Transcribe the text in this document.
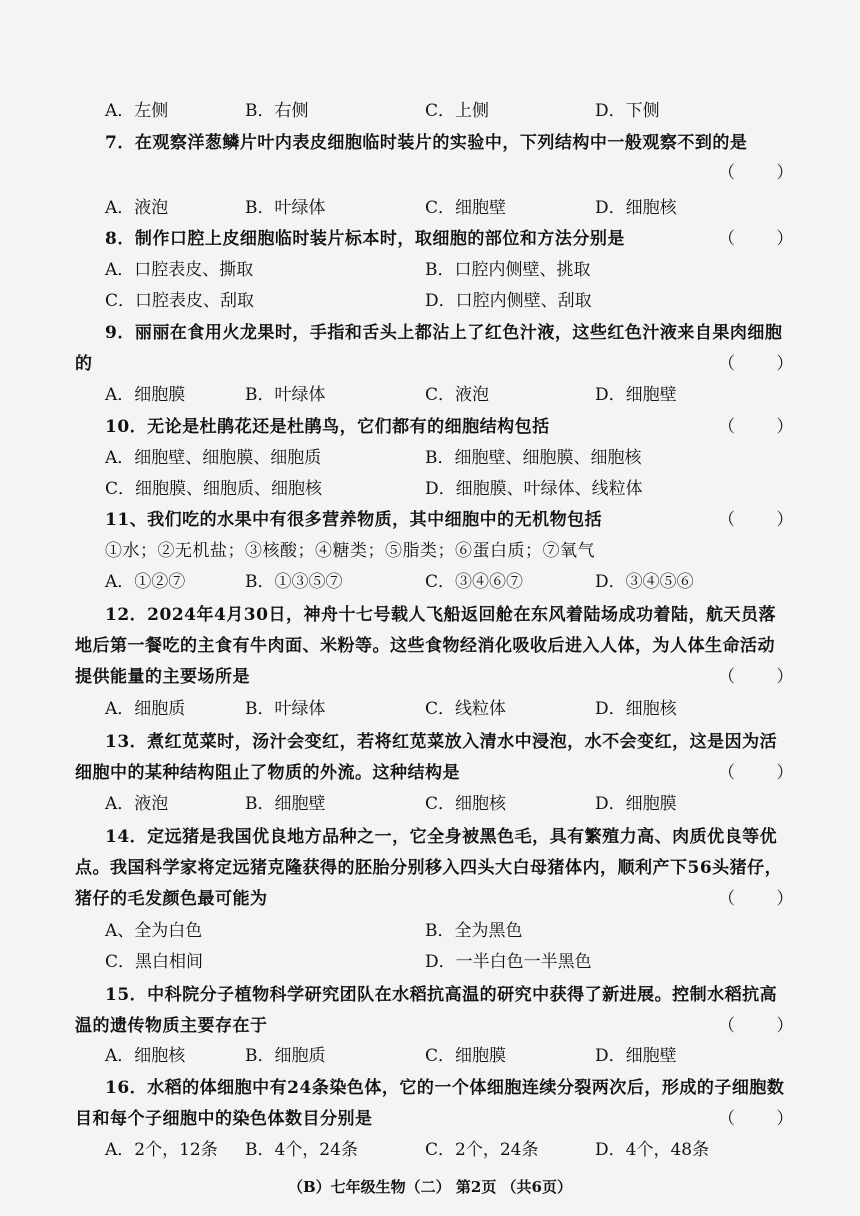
A．左侧	B．右侧	C．上侧	D．下侧
7．在观察洋葱鳞片叶内表皮细胞临时装片的实验中，下列结构中一般观察不到的是
（ ）
A．液泡	B．叶绿体	C．细胞壁	D．细胞核
8．制作口腔上皮细胞临时装片标本时，取细胞的部位和方法分别是	（ ）
A．口腔表皮、撕取	B．口腔内侧壁、挑取
C．口腔表皮、刮取	D．口腔内侧壁、刮取
9．丽丽在食用火龙果时，手指和舌头上都沾上了红色汁液，这些红色汁液来自果肉细胞
的	（ ）
A．细胞膜	B．叶绿体	C．液泡	D．细胞壁
10．无论是杜鹃花还是杜鹃鸟，它们都有的细胞结构包括	（ ）
A．细胞壁、细胞膜、细胞质	B．细胞壁、细胞膜、细胞核
C．细胞膜、细胞质、细胞核	D．细胞膜、叶绿体、线粒体
11、我们吃的水果中有很多营养物质，其中细胞中的无机物包括	（ ）
①水；②无机盐；③核酸；④糖类；⑤脂类；⑥蛋白质；⑦氧气
A．①②⑦	B．①③⑤⑦	C．③④⑥⑦	D．③④⑤⑥
12．2024年4月30日，神舟十七号载人飞船返回舱在东风着陆场成功着陆，航天员落
地后第一餐吃的主食有牛肉面、米粉等。这些食物经消化吸收后进入人体，为人体生命活动
提供能量的主要场所是	（ ）
A．细胞质	B．叶绿体	C．线粒体	D．细胞核
13．煮红苋菜时，汤汁会变红，若将红苋菜放入清水中浸泡，水不会变红，这是因为活
细胞中的某种结构阻止了物质的外流。这种结构是	（ ）
A．液泡	B．细胞壁	C．细胞核	D．细胞膜
14．定远猪是我国优良地方品种之一，它全身被黑色毛，具有繁殖力高、肉质优良等优
点。我国科学家将定远猪克隆获得的胚胎分别移入四头大白母猪体内，顺利产下56头猪仔，
猪仔的毛发颜色最可能为	（ ）
A、全为白色	B．全为黑色
C．黑白相间	D．一半白色一半黑色
15．中科院分子植物科学研究团队在水稻抗高温的研究中获得了新进展。控制水稻抗高
温的遗传物质主要存在于	（ ）
A．细胞核	B．细胞质	C．细胞膜	D．细胞壁
16．水稻的体细胞中有24条染色体，它的一个体细胞连续分裂两次后，形成的子细胞数
目和每个子细胞中的染色体数目分别是	（ ）
A．2个，12条 B．4个，24条	C．2个，24条	D．4个，48条
（B）七年级生物（二） 第2页 （共6页）
